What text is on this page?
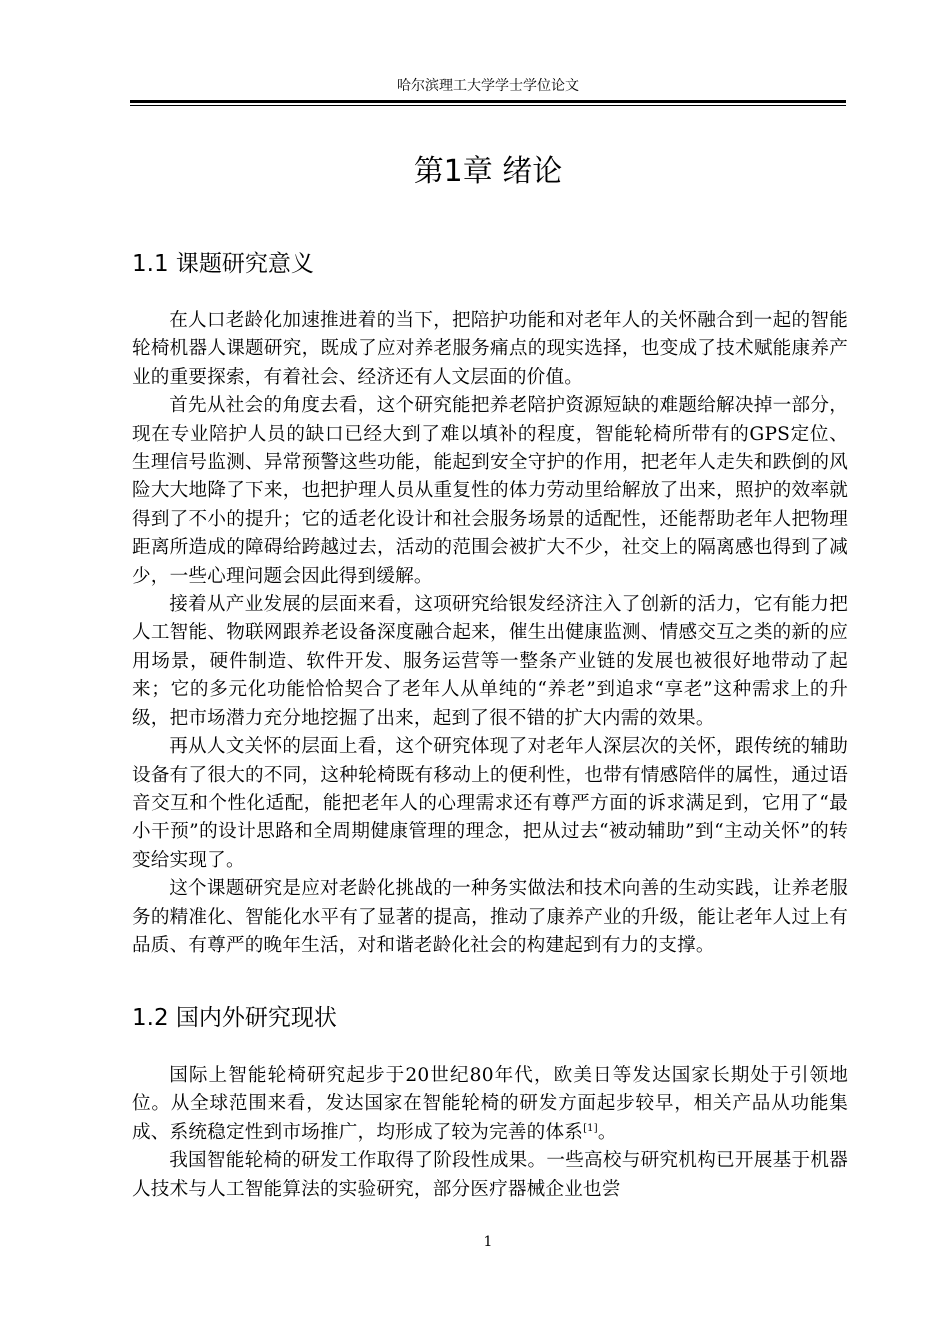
哈尔滨理工大学学士学位论文
第1章 绪论
1.1 课题研究意义

在人口老龄化加速推进着的当下，把陪护功能和对老年人的关怀融合到一起的智能轮椅机器人课题研究，既成了应对养老服务痛点的现实选择，也变成了技术赋能康养产业的重要探索，有着社会、经济还有人文层面的价值。

首先从社会的角度去看，这个研究能把养老陪护资源短缺的难题给解决掉一部分，现在专业陪护人员的缺口已经大到了难以填补的程度，智能轮椅所带有的GPS定位、生理信号监测、异常预警这些功能，能起到安全守护的作用，把老年人走失和跌倒的风险大大地降了下来，也把护理人员从重复性的体力劳动里给解放了出来，照护的效率就得到了不小的提升；它的适老化设计和社会服务场景的适配性，还能帮助老年人把物理距离所造成的障碍给跨越过去，活动的范围会被扩大不少，社交上的隔离感也得到了减少，一些心理问题会因此得到缓解。

接着从产业发展的层面来看，这项研究给银发经济注入了创新的活力，它有能力把人工智能、物联网跟养老设备深度融合起来，催生出健康监测、情感交互之类的新的应用场景，硬件制造、软件开发、服务运营等一整条产业链的发展也被很好地带动了起来；它的多元化功能恰恰契合了老年人从单纯的“养老”到追求“享老”这种需求上的升级，把市场潜力充分地挖掘了出来，起到了很不错的扩大内需的效果。

再从人文关怀的层面上看，这个研究体现了对老年人深层次的关怀，跟传统的辅助设备有了很大的不同，这种轮椅既有移动上的便利性，也带有情感陪伴的属性，通过语音交互和个性化适配，能把老年人的心理需求还有尊严方面的诉求满足到，它用了“最小干预”的设计思路和全周期健康管理的理念，把从过去“被动辅助”到“主动关怀”的转变给实现了。

这个课题研究是应对老龄化挑战的一种务实做法和技术向善的生动实践，让养老服务的精准化、智能化水平有了显著的提高，推动了康养产业的升级，能让老年人过上有品质、有尊严的晚年生活，对和谐老龄化社会的构建起到有力的支撑。

1.2 国内外研究现状

国际上智能轮椅研究起步于20世纪80年代，欧美日等发达国家长期处于引领地位。从全球范围来看，发达国家在智能轮椅的研发方面起步较早，相关产品从功能集成、系统稳定性到市场推广，均形成了较为完善的体系[1]。

我国智能轮椅的研发工作取得了阶段性成果。一些高校与研究机构已开展基于机器人技术与人工智能算法的实验研究，部分医疗器械企业也尝

1
